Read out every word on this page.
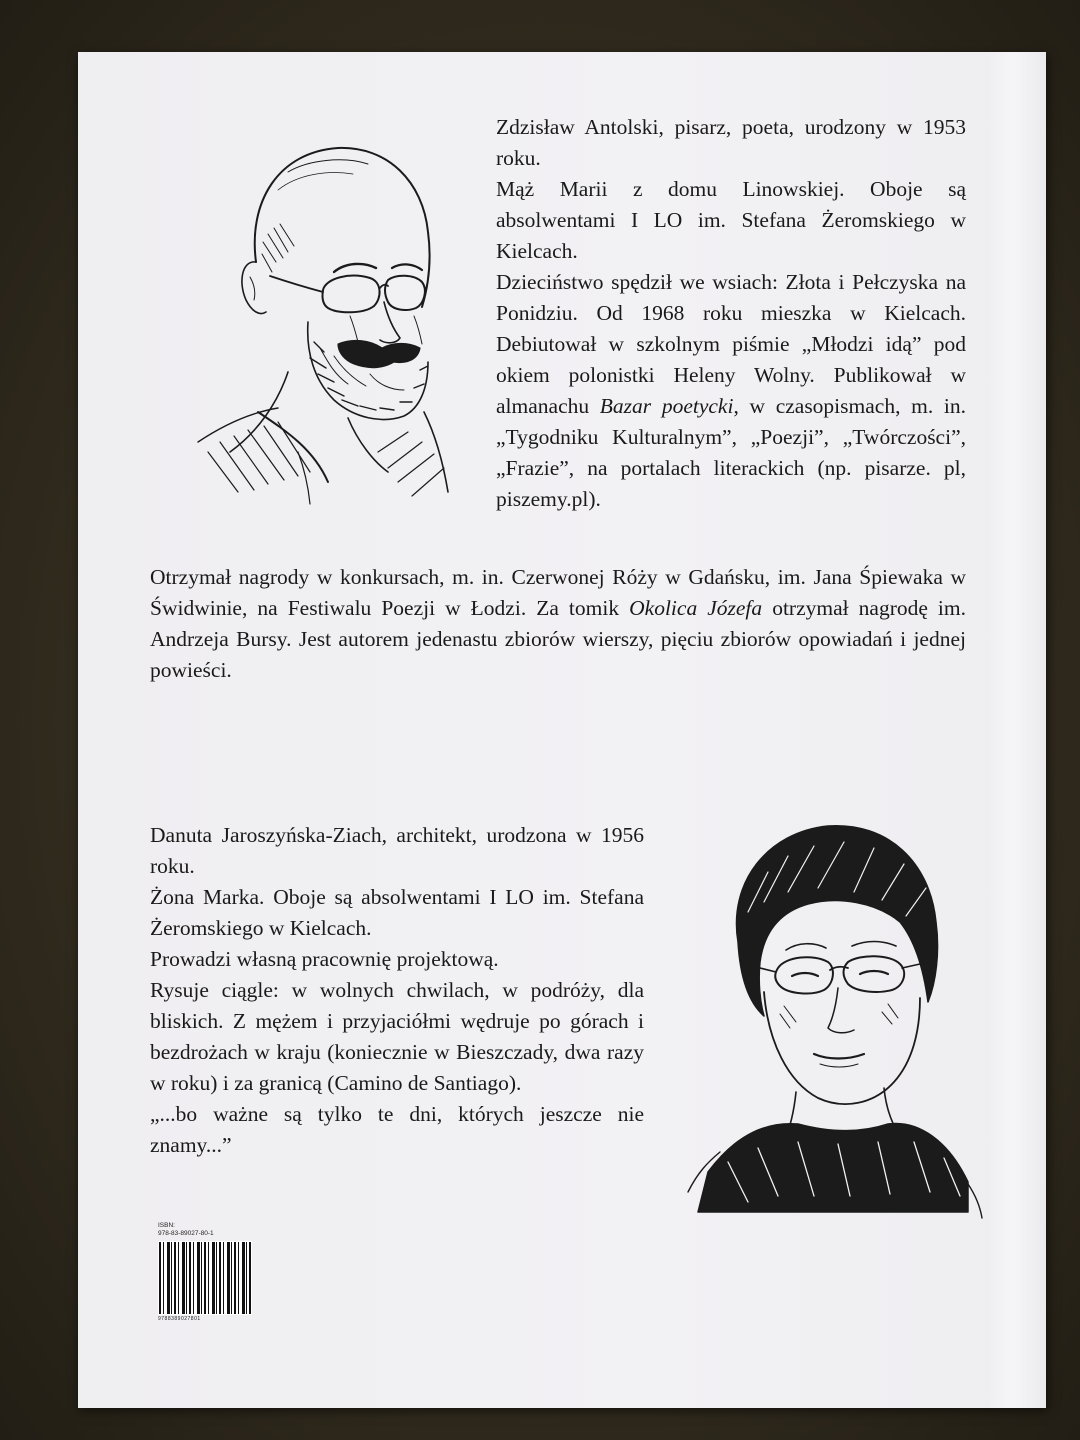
Zdzisław Antolski, pisarz, poeta, urodzony w 1953 roku.

Mąż Marii z domu Linowskiej. Oboje są absolwentami I LO im. Stefana Żeromskiego w Kielcach.

Dzieciństwo spędził we wsiach: Złota i Pełczyska na Ponidziu. Od 1968 roku mieszka w Kielcach. Debiutował w szkolnym piśmie „Młodzi idą” pod okiem polonistki Heleny Wolny. Publikował w almanachu Bazar poetycki, w czasopismach, m. in. „Tygodniku Kulturalnym”, „Poezji”, „Twórczości”, „Frazie”, na portalach literackich (np. pisarze. pl, piszemy.pl).

Otrzymał nagrody w konkursach, m. in. Czerwonej Róży w Gdańsku, im. Jana Śpiewaka w Świdwinie, na Festiwalu Poezji w Łodzi. Za tomik Okolica Józefa otrzymał nagrodę im. Andrzeja Bursy. Jest autorem jedenastu zbiorów wierszy, pięciu zbiorów opowiadań i jednej powieści.

Danuta Jaroszyńska-Ziach, architekt, urodzona w 1956 roku.

Żona Marka. Oboje są absolwentami I LO im. Stefana Żeromskiego w Kielcach.

Prowadzi własną pracownię projektową.

Rysuje ciągle: w wolnych chwilach, w podróży, dla bliskich. Z mężem i przyjaciółmi wędruje po górach i bezdrożach w kraju (koniecznie w Bieszczady, dwa razy w roku) i za granicą (Camino de Santiago).

„...bo ważne są tylko te dni, których jeszcze nie znamy...”

ISBN:
978-83-89027-80-1
9788389027801
